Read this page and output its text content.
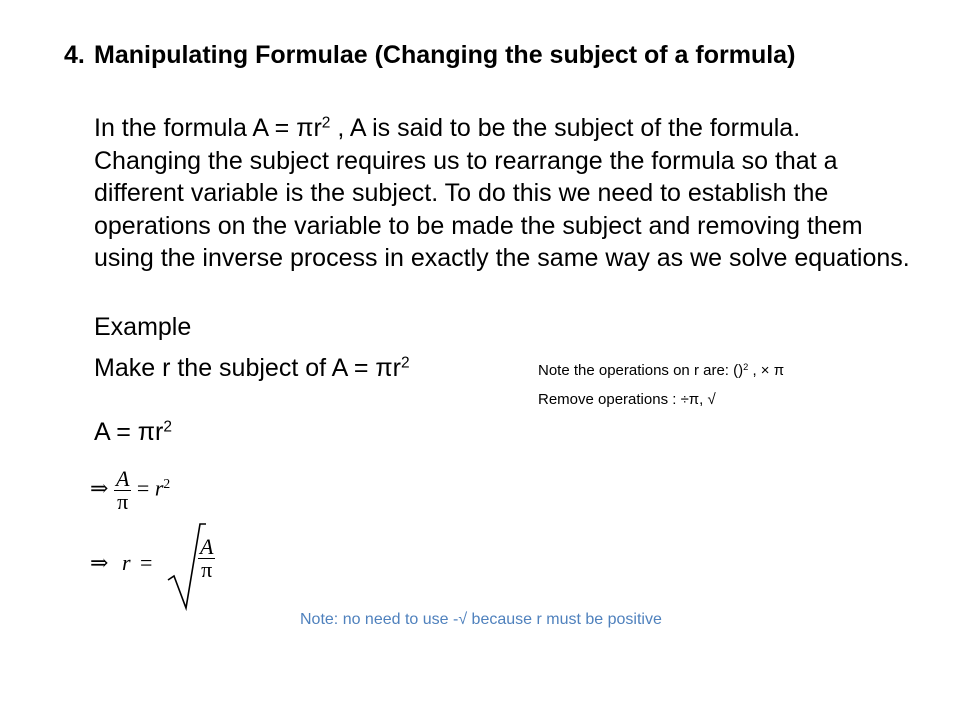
4. Manipulating Formulae (Changing the subject of a formula)
In the formula $A = \pi r^2$ , A is said to be the subject of the formula. Changing the subject requires us to rearrange the formula so that a different variable is the subject. To do this we need to establish the operations on the variable to be made the subject and removing them using the inverse process in exactly the same way as we solve equations.
Example
Make r the subject of $A = \pi r^2$	Note the operations on r are: ()$^2$ , × π
Remove operations : ÷π, √
$A = \pi r^2$
⇒ $\frac{A}{\pi} = r^2$
⇒ $r = \frac{A}{\pi}$
Note: no need to use -√ because r must be positive
